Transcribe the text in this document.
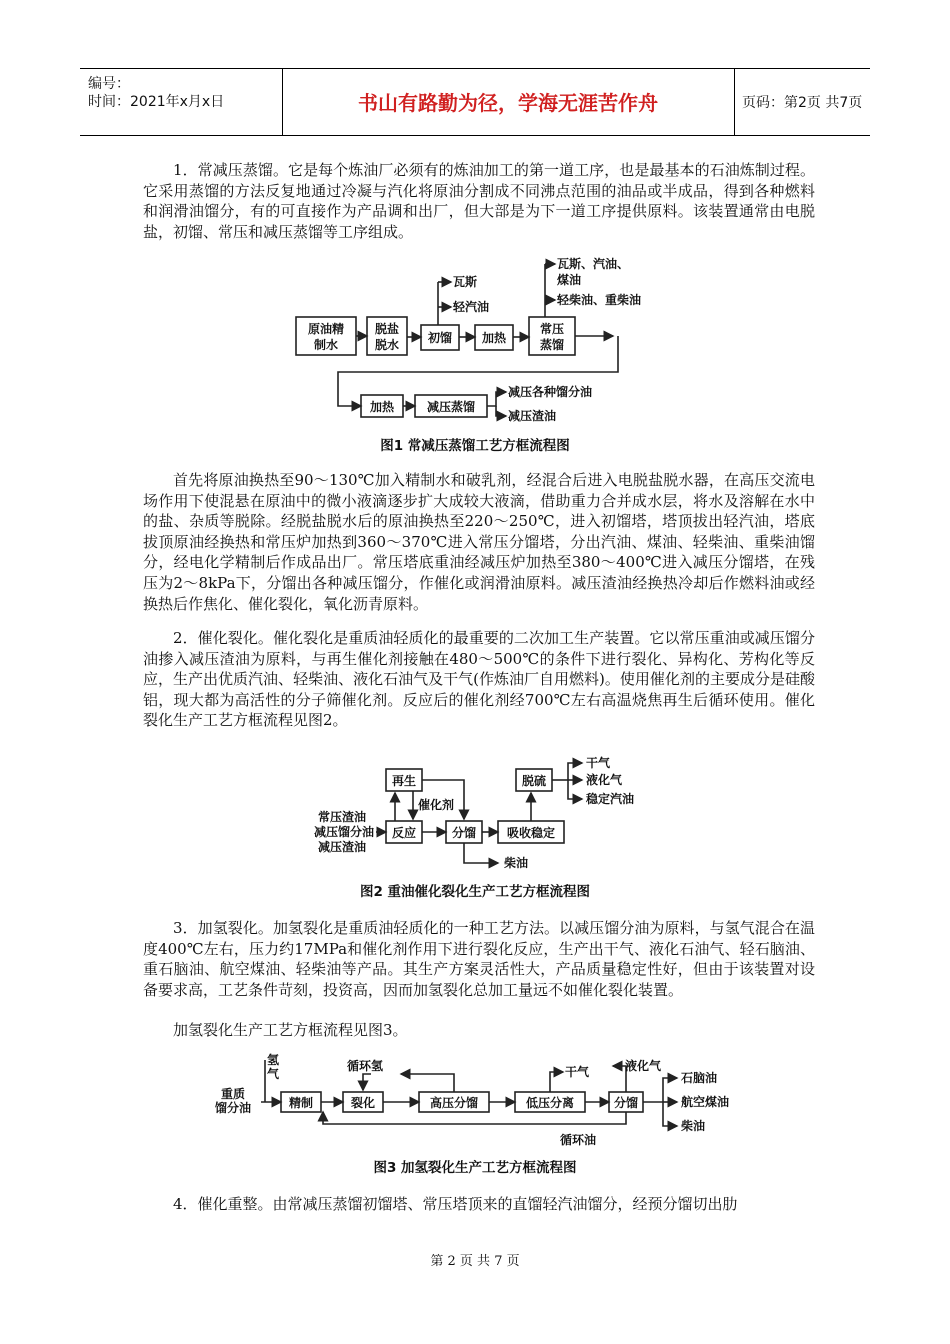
编号：
时间：2021年x月x日	书山有路勤为径，学海无涯苦作舟	页码：第2页 共7页

1．常减压蒸馏。它是每个炼油厂必须有的炼油加工的第一道工序，也是最基本的石油炼制过程。它采用蒸馏的方法反复地通过冷凝与汽化将原油分割成不同沸点范围的油品或半成品，得到各种燃料和润滑油馏分，有的可直接作为产品调和出厂，但大部是为下一道工序提供原料。该装置通常由电脱盐，初馏、常压和减压蒸馏等工序组成。

原油精
制水
脱盐
脱水 初馏 加热
常压
蒸馏
加热	减压蒸馏
瓦斯
轻汽油
瓦斯、汽油、
煤油
轻柴油、重柴油
减压各种馏分油
减压渣油
图1 常减压蒸馏工艺方框流程图

首先将原油换热至90～130℃加入精制水和破乳剂，经混合后进入电脱盐脱水器，在高压交流电场作用下使混悬在原油中的微小液滴逐步扩大成较大液滴，借助重力合并成水层，将水及溶解在水中的盐、杂质等脱除。经脱盐脱水后的原油换热至220～250℃，进入初馏塔，塔顶拔出轻汽油，塔底拔顶原油经换热和常压炉加热到360～370℃进入常压分馏塔，分出汽油、煤油、轻柴油、重柴油馏分，经电化学精制后作成品出厂。常压塔底重油经减压炉加热至380～400℃进入减压分馏塔，在残压为2～8kPa下，分馏出各种减压馏分，作催化或润滑油原料。减压渣油经换热冷却后作燃料油或经换热后作焦化、催化裂化，氧化沥青原料。

2．催化裂化。催化裂化是重质油轻质化的最重要的二次加工生产装置。它以常压重油或减压馏分油掺入减压渣油为原料，与再生催化剂接触在480～500℃的条件下进行裂化、异构化、芳构化等反应，生产出优质汽油、轻柴油、液化石油气及干气(作炼油厂自用燃料)。使用催化剂的主要成分是硅酸铝，现大都为高活性的分子筛催化剂。反应后的催化剂经700℃左右高温烧焦再生后循环使用。催化裂化生产工艺方框流程见图2。

再生
反应	分馏	吸收稳定
脱硫
常压渣油
减压馏分油
减压渣油
催化剂
干气
液化气
稳定汽油
柴油
图2 重油催化裂化生产工艺方框流程图

3．加氢裂化。加氢裂化是重质油轻质化的一种工艺方法。以减压馏分油为原料，与氢气混合在温度400℃左右，压力约17MPa和催化剂作用下进行裂化反应，生产出干气、液化石油气、轻石脑油、重石脑油、航空煤油、轻柴油等产品。其生产方案灵活性大，产品质量稳定性好，但由于该装置对设备要求高，工艺条件苛刻，投资高，因而加氢裂化总加工量远不如催化裂化装置。

加氢裂化生产工艺方框流程见图3。

精制	裂化	高压分馏	低压分离	分馏
氢
气
重质
馏分油
循环氢	干气	液化气
石脑油
航空煤油
柴油
循环油
图3 加氢裂化生产工艺方框流程图

4．催化重整。由常减压蒸馏初馏塔、常压塔顶来的直馏轻汽油馏分，经预分馏切出肋

第 2 页 共 7 页
